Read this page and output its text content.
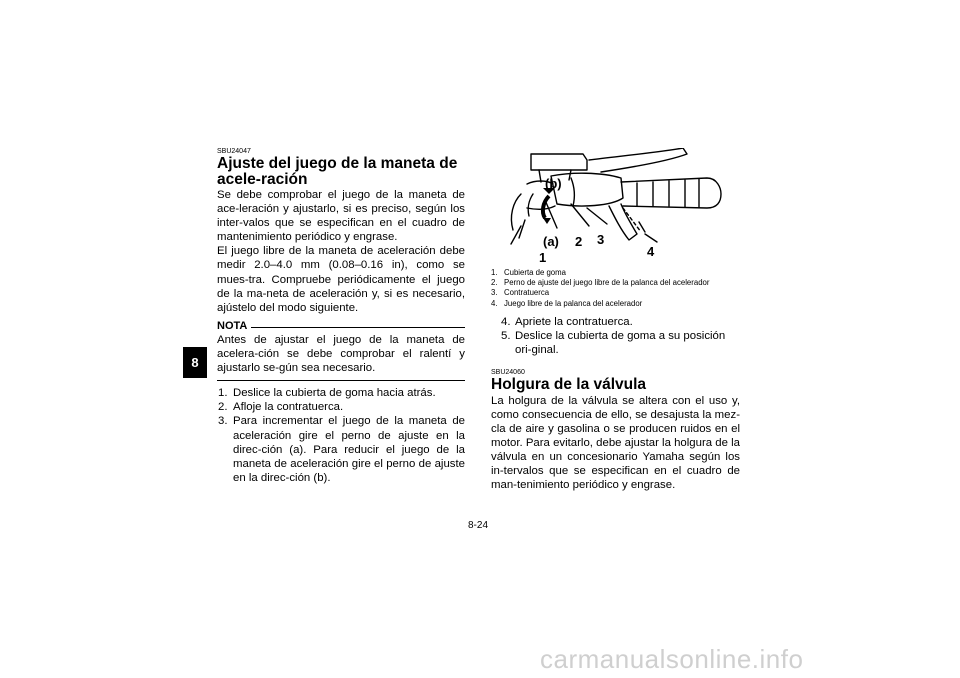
8

SBU24047

Ajuste del juego de la maneta de acele-ración

Se debe comprobar el juego de la maneta de ace-leración y ajustarlo, si es preciso, según los inter-valos que se especifican en el cuadro de mantenimiento periódico y engrase.

El juego libre de la maneta de aceleración debe medir 2.0–4.0 mm (0.08–0.16 in), como se mues-tra. Compruebe periódicamente el juego de la ma-neta de aceleración y, si es necesario, ajústelo del modo siguiente.

NOTA

Antes de ajustar el juego de la maneta de acelera-ción se debe comprobar el ralentí y ajustarlo se-gún sea necesario.

1. Deslice la cubierta de goma hacia atrás.
2. Afloje la contratuerca.
3. Para incrementar el juego de la maneta de aceleración gire el perno de ajuste en la direc-ción (a). Para reducir el juego de la maneta de aceleración gire el perno de ajuste en la direc-ción (b).
(b)
(a)
1
2 3
4
1. Cubierta de goma
2. Perno de ajuste del juego libre de la palanca del acelerador
3. Contratuerca
4. Juego libre de la palanca del acelerador
4. Apriete la contratuerca.
5. Deslice la cubierta de goma a su posición ori-ginal.

SBU24060

Holgura de la válvula

La holgura de la válvula se altera con el uso y, como consecuencia de ello, se desajusta la mez-cla de aire y gasolina o se producen ruidos en el motor. Para evitarlo, debe ajustar la holgura de la válvula en un concesionario Yamaha según los in-tervalos que se especifican en el cuadro de man-tenimiento periódico y engrase.

8-24
carmanualsonline.info
